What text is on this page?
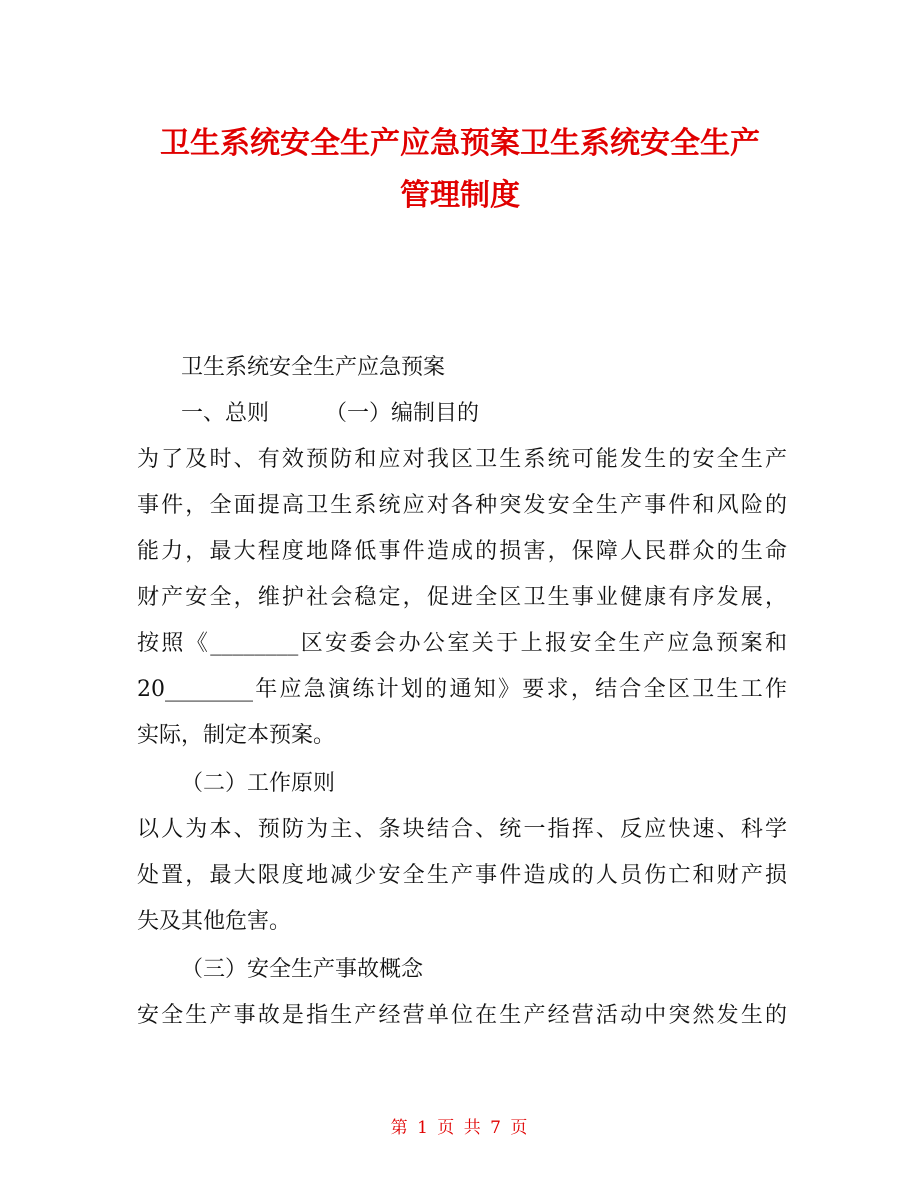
卫生系统安全生产应急预案卫生系统安全生产
管理制度

卫生系统安全生产应急预案

一、总则	（一）编制目的

为了及时、有效预防和应对我区卫生系统可能发生的安全生产

事件，全面提高卫生系统应对各种突发安全生产事件和风险的

能力，最大程度地降低事件造成的损害，保障人民群众的生命

财产安全，维护社会稳定，促进全区卫生事业健康有序发展，

按照《________区安委会办公室关于上报安全生产应急预案和

20________年应急演练计划的通知》要求，结合全区卫生工作

实际，制定本预案。

（二）工作原则

以人为本、预防为主、条块结合、统一指挥、反应快速、科学

处置，最大限度地减少安全生产事件造成的人员伤亡和财产损

失及其他危害。

（三）安全生产事故概念

安全生产事故是指生产经营单位在生产经营活动中突然发生的

第 1 页 共 7 页
